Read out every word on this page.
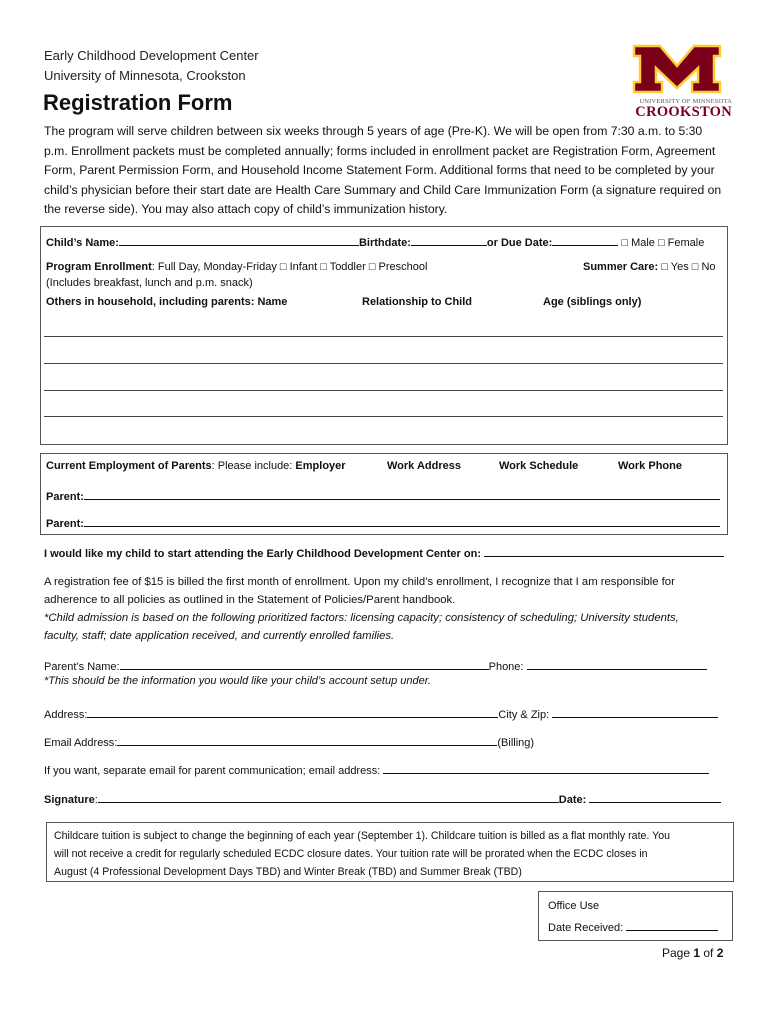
Early Childhood Development Center
University of Minnesota, Crookston
Registration Form	UNIVERSITY OF MINNESOTA
CROOKSTON
The program will serve children between six weeks through 5 years of age (Pre-K). We will be open from 7:30 a.m. to 5:30 p.m. Enrollment packets must be completed annually; forms included in enrollment packet are Registration Form, Agreement Form, Parent Permission Form, and Household Income Statement Form. Additional forms that need to be completed by your child’s physician before their start date are Health Care Summary and Child Care Immunization Form (a signature required on the reverse side). You may also attach copy of child’s immunization history.
Child’s Name:	Birthdate:	or Due Date:	□ Male □ Female
Program Enrollment: Full Day, Monday-Friday □ Infant □ Toddler □ Preschool	Summer Care: □ Yes □ No
(Includes breakfast, lunch and p.m. snack)
Others in household, including parents: Name	Relationship to Child	Age (siblings only)
Current Employment of Parents: Please include: Employer	Work Address	Work Schedule	Work Phone
Parent:
Parent:
I would like my child to start attending the Early Childhood Development Center on:
A registration fee of $15 is billed the first month of enrollment. Upon my child’s enrollment, I recognize that I am responsible for
adherence to all policies as outlined in the Statement of Policies/Parent handbook.
*Child admission is based on the following prioritized factors: licensing capacity; consistency of scheduling; University students,
faculty, staff; date application received, and currently enrolled families.
Parent’s Name:	Phone:
*This should be the information you would like your child’s account setup under.
Address:	City & Zip:
Email Address:	(Billing)
If you want, separate email for parent communication; email address:
Signature:	Date:
Childcare tuition is subject to change the beginning of each year (September 1). Childcare tuition is billed as a flat monthly rate. You
will not receive a credit for regularly scheduled ECDC closure dates. Your tuition rate will be prorated when the ECDC closes in
August (4 Professional Development Days TBD) and Winter Break (TBD) and Summer Break (TBD)
Office Use
Date Received:
Page 1 of 2
